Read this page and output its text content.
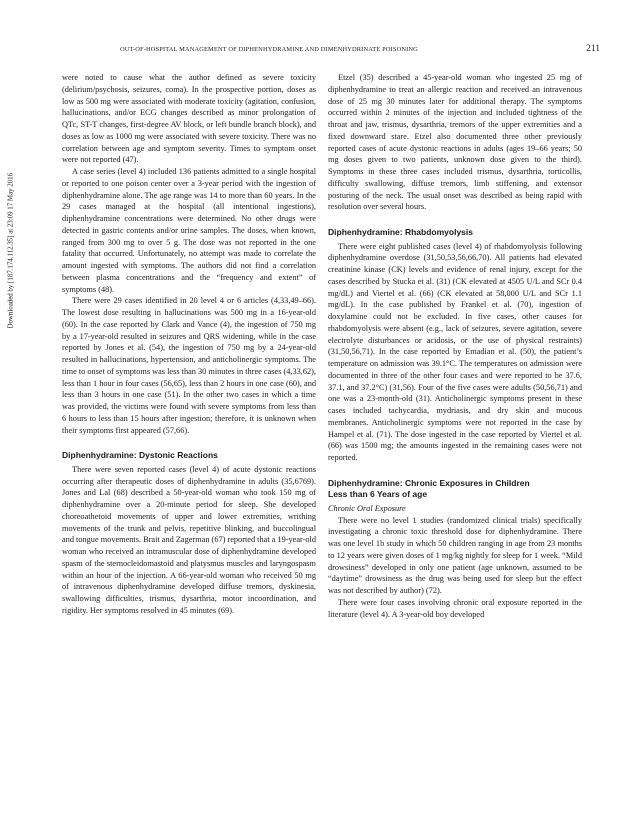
OUT-OF-HOSPITAL MANAGEMENT OF DIPHENHYDRAMINE AND DIMENHYDRINATE POISONING	211
Downloaded by [187.174.112.35] at 23:09 17 May 2016

were noted to cause what the author defined as severe toxicity (delirium/psychosis, seizures, coma). In the prospective portion, doses as low as 500 mg were associated with moderate toxicity (agitation, confusion, hallucinations, and/or ECG changes described as minor prolongation of QTc, ST-T changes, first-degree AV block, or left bundle branch block), and doses as low as 1000 mg were associated with severe toxicity. There was no correlation between age and symptom severity. Times to symptom onset were not reported (47).

A case series (level 4) included 136 patients admitted to a single hospital or reported to one poison center over a 3-year period with the ingestion of diphenhydramine alone. The age range was 14 to more than 60 years. In the 29 cases managed at the hospital (all intentional ingestions), diphenhydramine concentrations were determined. No other drugs were detected in gastric contents and/or urine samples. The doses, when known, ranged from 300 mg to over 5 g. The dose was not reported in the one fatality that occurred. Unfortunately, no attempt was made to correlate the amount ingested with symptoms. The authors did not find a correlation between plasma concentrations and the “frequency and extent” of symptoms (48).

There were 29 cases identified in 20 level 4 or 6 articles (4,33,49–66). The lowest dose resulting in hallucinations was 500 mg in a 16-year-old (60). In the case reported by Clark and Vance (4), the ingestion of 750 mg by a 17-year-old resulted in seizures and QRS widening, while in the case reported by Jones et al. (54), the ingestion of 750 mg by a 24-year-old resulted in hallucinations, hypertension, and anticholinergic symptoms. The time to onset of symptoms was less than 30 minutes in three cases (4,33,62), less than 1 hour in four cases (56,65), less than 2 hours in one case (60), and less than 3 hours in one case (51). In the other two cases in which a time was provided, the victims were found with severe symptoms from less than 6 hours to less than 15 hours after ingestion; therefore, it is unknown when their symptoms first appeared (57,66).

Diphenhydramine: Dystonic Reactions

There were seven reported cases (level 4) of acute dystonic reactions occurring after therapeutic doses of diphenhydramine in adults (35,6769). Jones and Lal (68) described a 50-year-old woman who took 150 mg of diphenhydramine over a 20-minute period for sleep. She developed choreoathetoid movements of upper and lower extremities, writhing movements of the trunk and pelvis, repetitive blinking, and buccolingual and tongue movements. Brait and Zagerman (67) reported that a 19-year-old woman who received an intramuscular dose of diphenhydramine developed spasm of the sternocleidomastoid and platysmus muscles and laryngospasm within an hour of the injection. A 66-year-old woman who received 50 mg of intravenous diphenhydramine developed diffuse tremors, dyskinesia, swallowing difficulties, trismus, dysarthria, motor incoordination, and rigidity. Her symptoms resolved in 45 minutes (69).

Etzel (35) described a 45-year-old woman who ingested 25 mg of diphenhydramine to treat an allergic reaction and received an intravenous dose of 25 mg 30 minutes later for additional therapy. The symptoms occurred within 2 minutes of the injection and included tightness of the throat and jaw, trismus, dysarthria, tremors of the upper extremities and a fixed downward stare. Etzel also documented three other previously reported cases of acute dystonic reactions in adults (ages 19–66 years; 50 mg doses given to two patients, unknown dose given to the third). Symptoms in these three cases included trismus, dysarthria, torticollis, difficulty swallowing, diffuse tremors, limb stiffening, and extensor posturing of the neck. The usual onset was described as being rapid with resolution over several hours.

Diphenhydramine: Rhabdomyolysis

There were eight published cases (level 4) of rhabdomyolysis following diphenhydramine overdose (31,50,53,56,66,70). All patients had elevated creatinine kinase (CK) levels and evidence of renal injury, except for the cases described by Stucka et al. (31) (CK elevated at 4505 U/L and SCr 0.4 mg/dL) and Viertel et al. (66) (CK elevated at 58,000 U/L and SCr 1.1 mg/dL). In the case published by Frankel et al. (70), ingestion of doxylamine could not be excluded. In five cases, other causes for rhabdomyolysis were absent (e.g., lack of seizures, severe agitation, severe electrolyte disturbances or acidosis, or the use of physical restraints) (31,50,56,71). In the case reported by Emadian et al. (50), the patient’s temperature on admission was 39.1°C. The temperatures on admission were documented in three of the other four cases and were reported to be 37.6, 37.1, and 37.2°C) (31,56). Four of the five cases were adults (50,56,71) and one was a 23-month-old (31). Anticholinergic symptoms present in these cases included tachycardia, mydriasis, and dry skin and mucous membranes. Anticholinergic symptoms were not reported in the case by Hampel et al. (71). The dose ingested in the case reported by Viertel et al. (66) was 1500 mg; the amounts ingested in the remaining cases were not reported.

Diphenhydramine: Chronic Exposures in Children
Less than 6 Years of age

Chronic Oral Exposure

There were no level 1 studies (randomized clinical trials) specifically investigating a chronic toxic threshold dose for diphenhydramine. There was one level 1b study in which 50 children ranging in age from 23 months to 12 years were given doses of 1 mg/kg nightly for sleep for 1 week. “Mild drowsiness” developed in only one patient (age unknown, assumed to be “daytime” drowsiness as the drug was being used for sleep but the effect was not described by author) (72).

There were four cases involving chronic oral exposure reported in the literature (level 4). A 3-year-old boy developed
